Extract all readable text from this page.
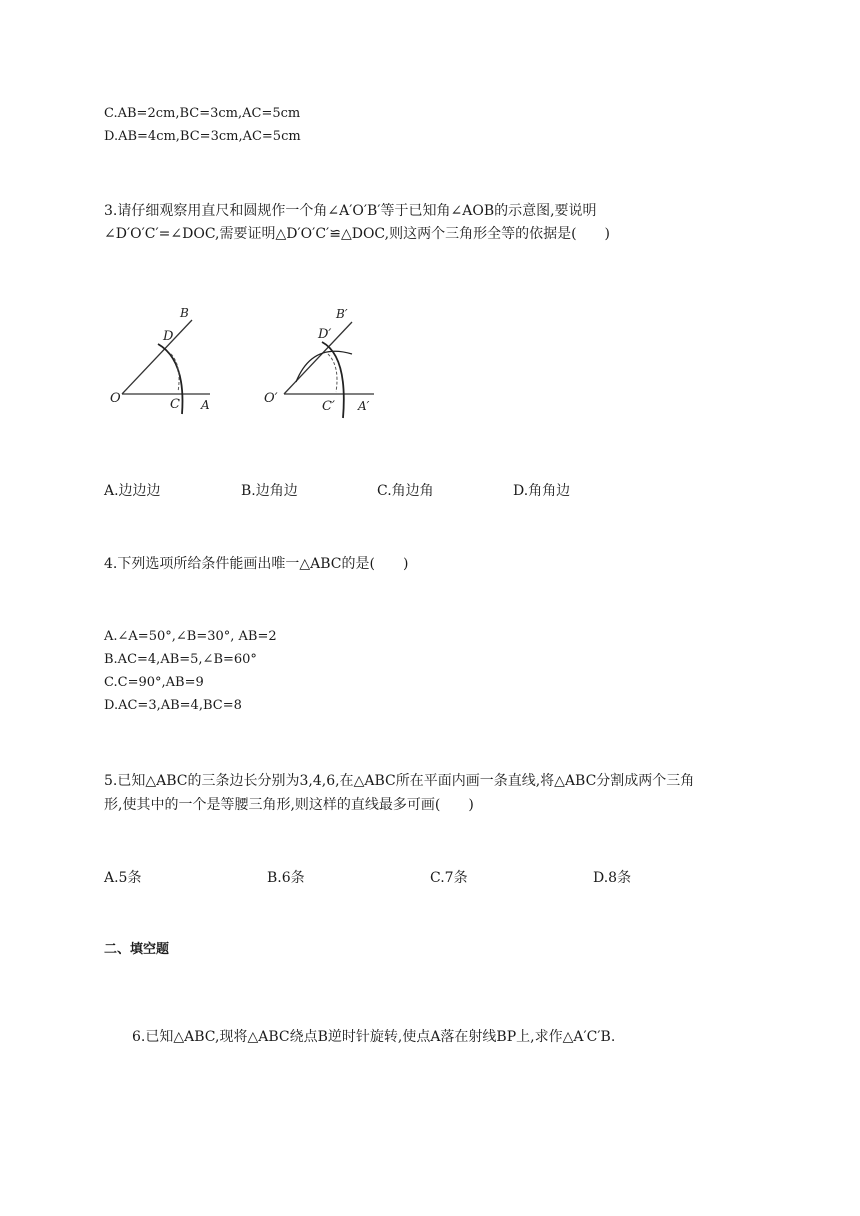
C.AB=2cm,BC=3cm,AC=5cm
D.AB=4cm,BC=3cm,AC=5cm
3.请仔细观察用直尺和圆规作一个角∠A′O′B′等于已知角∠AOB的示意图,要说明
∠D′O′C′=∠DOC,需要证明△D′O′C′≌△DOC,则这两个三角形全等的依据是(　　)
O	C A
B
D
O′
C′ A′
B′
D′
A.边边边	B.边角边	C.角边角	D.角角边
4.下列选项所给条件能画出唯一△ABC的是(　　)
A.∠A=50°,∠B=30°, AB=2
B.AC=4,AB=5,∠B=60°
C.C=90°,AB=9
D.AC=3,AB=4,BC=8
5.已知△ABC的三条边长分别为3,4,6,在△ABC所在平面内画一条直线,将△ABC分割成两个三角
形,使其中的一个是等腰三角形,则这样的直线最多可画(　　)
A.5条	B.6条	C.7条	D.8条
二、填空题
6.已知△ABC,现将△ABC绕点B逆时针旋转,使点A落在射线BP上,求作△A′C′B.
